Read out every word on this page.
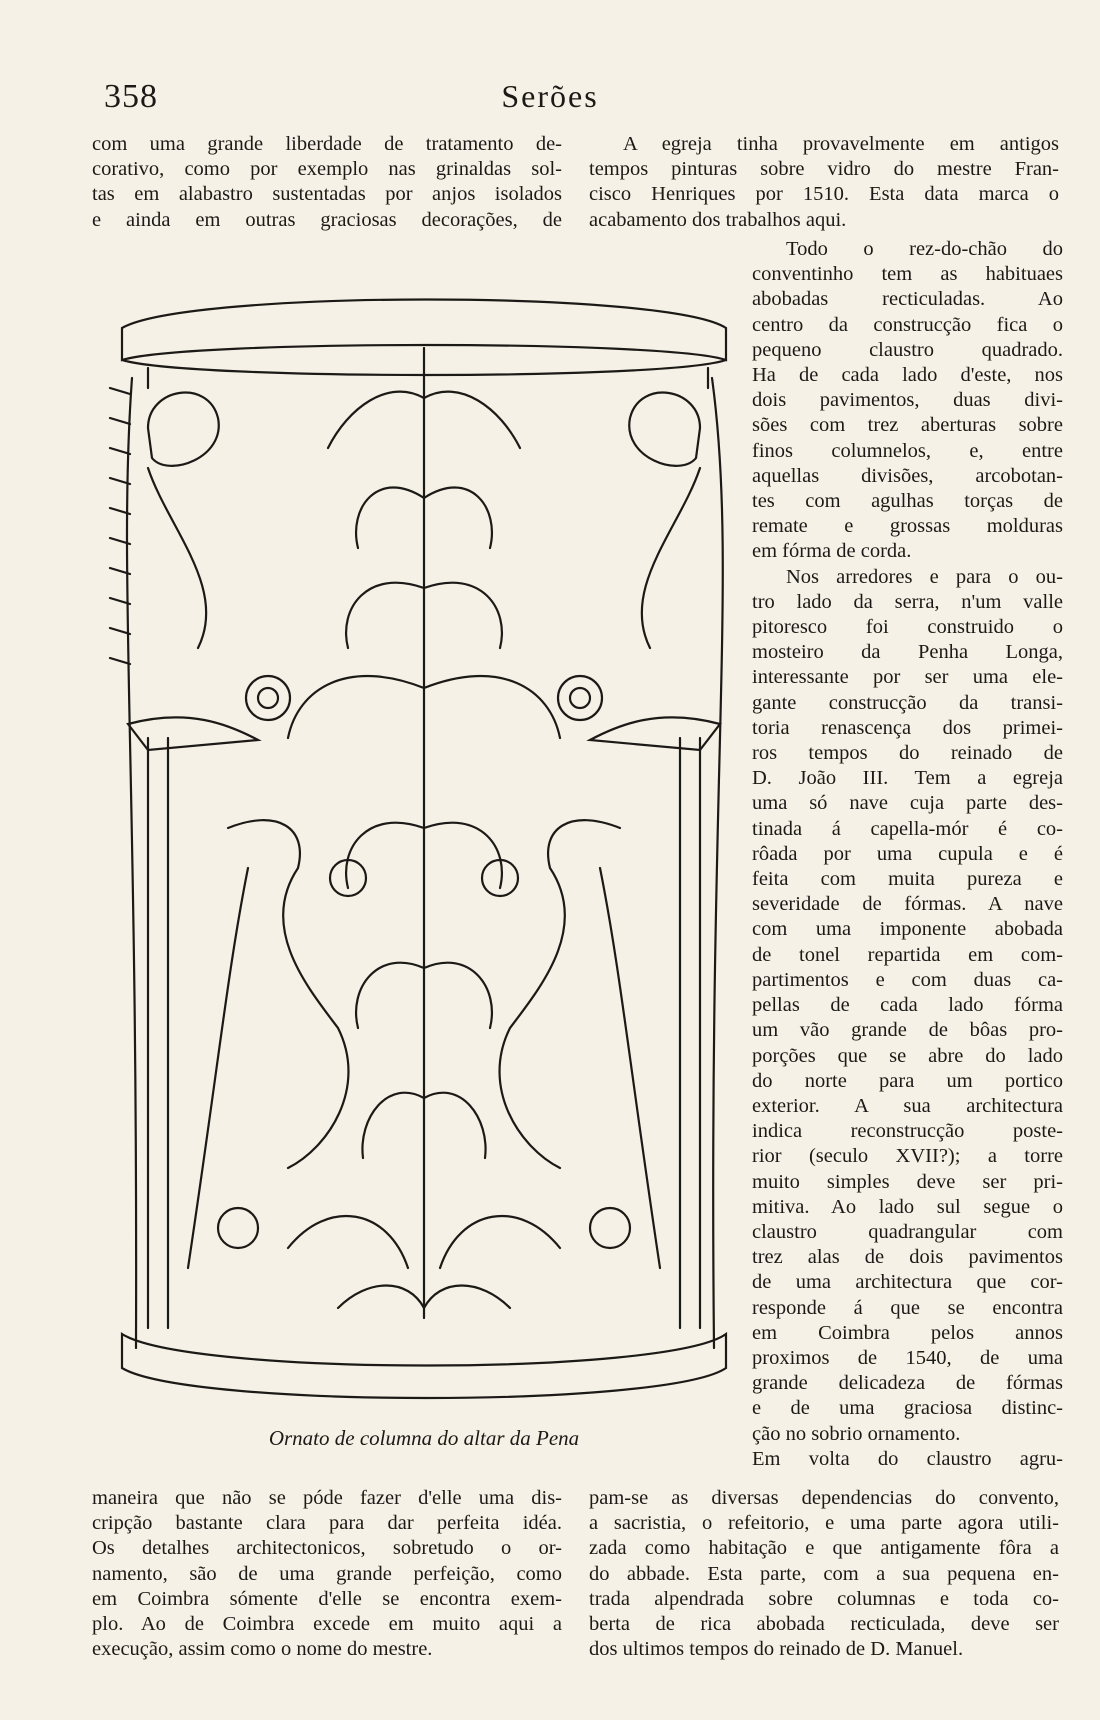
358	Serões
com uma grande liberdade de tratamento de-
corativo, como por exemplo nas grinaldas sol-
tas em alabastro sustentadas por anjos isolados
e ainda em outras graciosas decorações, de
A egreja tinha provavelmente em antigos
tempos pinturas sobre vidro do mestre Fran-
cisco Henriques por 1510. Esta data marca o
acabamento dos trabalhos aqui.
Todo o rez-do-chão do
conventinho tem as habituaes
abobadas recticuladas. Ao
centro da construcção fica o
pequeno claustro quadrado.
Ha de cada lado d'este, nos
dois pavimentos, duas divi-
sões com trez aberturas sobre
finos columnelos, e, entre
aquellas divisões, arcobotan-
tes com agulhas torças de
remate e grossas molduras
em fórma de corda.
Nos arredores e para o ou-
tro lado da serra, n'um valle
pitoresco foi construido o
mosteiro da Penha Longa,
interessante por ser uma ele-
gante construcção da transi-
toria renascença dos primei-
ros tempos do reinado de
D. João III. Tem a egreja
uma só nave cuja parte des-
tinada á capella-mór é co-
rôada por uma cupula e é
feita com muita pureza e
severidade de fórmas. A nave
com uma imponente abobada
de tonel repartida em com-
partimentos e com duas ca-
pellas de cada lado fórma
um vão grande de bôas pro-
porções que se abre do lado
do norte para um portico
exterior. A sua architectura
indica reconstrucção poste-
rior (seculo XVII?); a torre
muito simples deve ser pri-
mitiva. Ao lado sul segue o
claustro quadrangular com
trez alas de dois pavimentos
de uma architectura que cor-
responde á que se encontra
em Coimbra pelos annos
proximos de 1540, de uma
grande delicadeza de fórmas
e de uma graciosa distinc-
ção no sobrio ornamento.
Em volta do claustro agru-
Ornato de columna do altar da Pena
maneira que não se póde fazer d'elle uma dis-
cripção bastante clara para dar perfeita idéa.
Os detalhes architectonicos, sobretudo o or-
namento, são de uma grande perfeição, como
em Coimbra sómente d'elle se encontra exem-
plo. Ao de Coimbra excede em muito aqui a
execução, assim como o nome do mestre.
pam-se as diversas dependencias do convento,
a sacristia, o refeitorio, e uma parte agora utili-
zada como habitação e que antigamente fôra a
do abbade. Esta parte, com a sua pequena en-
trada alpendrada sobre columnas e toda co-
berta de rica abobada recticulada, deve ser
dos ultimos tempos do reinado de D. Manuel.
